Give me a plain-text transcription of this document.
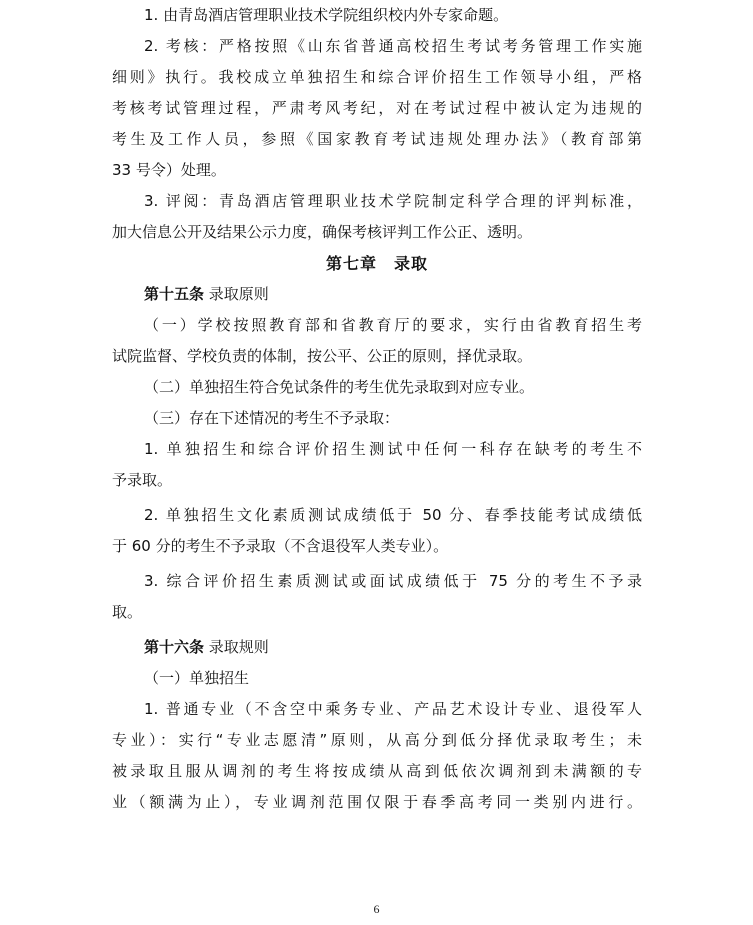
1. 由青岛酒店管理职业技术学院组织校内外专家命题。
2. 考核：严格按照《山东省普通高校招生考试考务管理工作实施
细则》执行。我校成立单独招生和综合评价招生工作领导小组，严格
考核考试管理过程，严肃考风考纪，对在考试过程中被认定为违规的
考生及工作人员，参照《国家教育考试违规处理办法》（教育部第
33 号令）处理。
3. 评阅：青岛酒店管理职业技术学院制定科学合理的评判标准，
加大信息公开及结果公示力度，确保考核评判工作公正、透明。
第七章　录取
第十五条 录取原则
（一）学校按照教育部和省教育厅的要求，实行由省教育招生考
试院监督、学校负责的体制，按公平、公正的原则，择优录取。
（二）单独招生符合免试条件的考生优先录取到对应专业。
（三）存在下述情况的考生不予录取：
1. 单独招生和综合评价招生测试中任何一科存在缺考的考生不
予录取。
2. 单独招生文化素质测试成绩低于 50 分、春季技能考试成绩低
于 60 分的考生不予录取（不含退役军人类专业）。
3. 综合评价招生素质测试或面试成绩低于 75 分的考生不予录
取。
第十六条 录取规则
（一）单独招生
1. 普通专业（不含空中乘务专业、产品艺术设计专业、退役军人
专业）：实行“专业志愿清”原则，从高分到低分择优录取考生；未
被录取且服从调剂的考生将按成绩从高到低依次调剂到未满额的专
业（额满为止），专业调剂范围仅限于春季高考同一类别内进行。
6
